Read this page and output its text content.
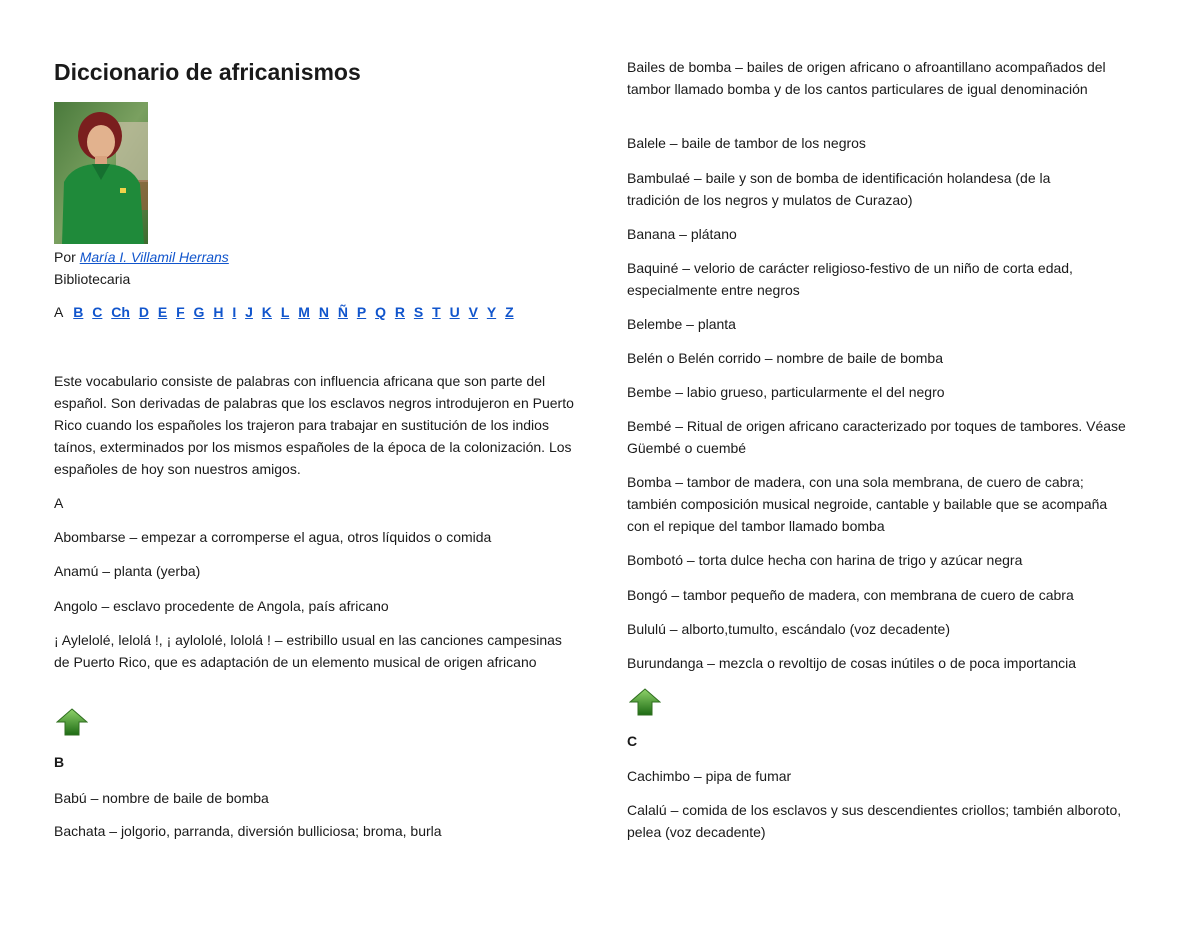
Diccionario de africanismos
Por María I. Villamil Herrans
Bibliotecaria
A B C Ch D E F G H I J K L M N Ñ P Q R S T U V Y Z

Este vocabulario consiste de palabras con influencia africana que son parte del español. Son derivadas de palabras que los esclavos negros introdujeron en Puerto Rico cuando los españoles los trajeron para trabajar en sustitución de los indios taínos, exterminados por los mismos españoles de la época de la colonización. Los españoles de hoy son nuestros amigos.

A

Abombarse – empezar a corromperse el agua, otros líquidos o comida

Anamú – planta (yerba)

Angolo – esclavo procedente de Angola, país africano

¡ Aylelolé, lelolá !, ¡ aylololé, lololá ! – estribillo usual en las canciones campesinas de Puerto Rico, que es adaptación de un elemento musical de origen africano

B

Babú – nombre de baile de bomba

Bachata – jolgorio, parranda, diversión bulliciosa; broma, burla

Bailes de bomba – bailes de origen africano o afroantillano acompañados del tambor llamado bomba y de los cantos particulares de igual denominación

Balele – baile de tambor de los negros

Bambulaé – baile y son de bomba de identificación holandesa (de la tradición de los negros y mulatos de Curazao)

Banana – plátano

Baquiné – velorio de carácter religioso-festivo de un niño de corta edad, especialmente entre negros

Belembe – planta

Belén o Belén corrido – nombre de baile de bomba

Bembe – labio grueso, particularmente el del negro

Bembé – Ritual de origen africano caracterizado por toques de tambores. Véase Güembé o cuembé

Bomba – tambor de madera, con una sola membrana, de cuero de cabra; también composición musical negroide, cantable y bailable que se acompaña con el repique del tambor llamado bomba

Bombotó – torta dulce hecha con harina de trigo y azúcar negra

Bongó – tambor pequeño de madera, con membrana de cuero de cabra

Bululú – alborto,tumulto, escándalo (voz decadente)

Burundanga – mezcla o revoltijo de cosas inútiles o de poca importancia

C

Cachimbo – pipa de fumar

Calalú – comida de los esclavos y sus descendientes criollos; también alboroto, pelea (voz decadente)
